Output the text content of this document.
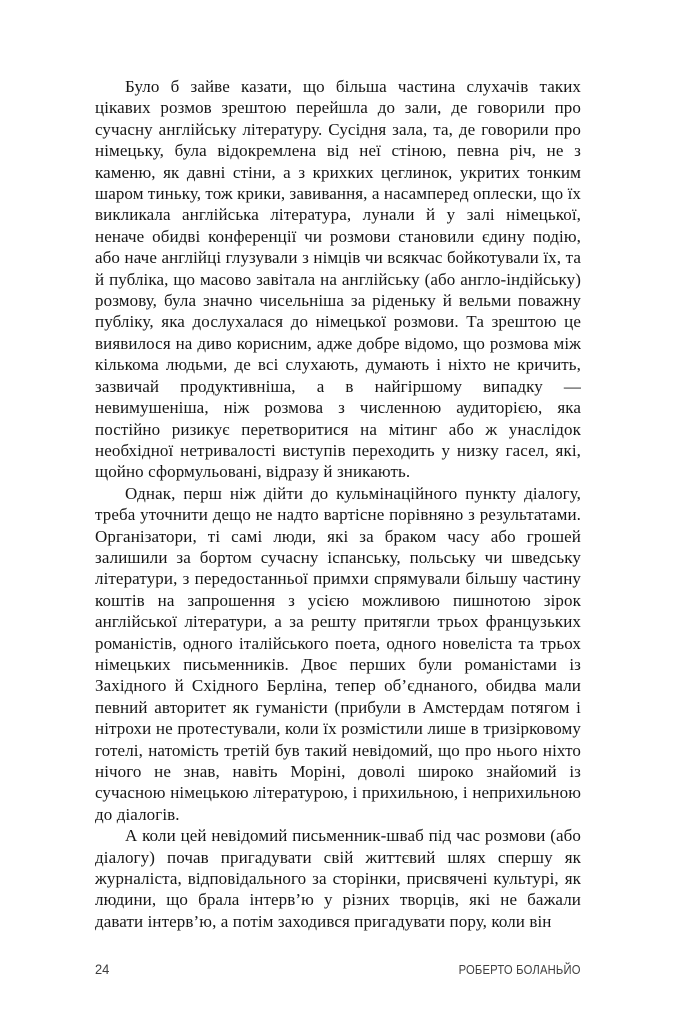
Було б зайве казати, що більша частина слухачів таких цікавих розмов зрештою перейшла до зали, де говорили про сучасну англійську літературу. Сусідня зала, та, де говорили про німецьку, була відокремлена від неї стіною, певна річ, не з каменю, як давні стіни, а з крихких цеглинок, укритих тонким шаром тиньку, тож крики, завивання, а насамперед оплески, що їх викликала англійська література, лунали й у залі німецької, неначе обидві конференції чи розмови становили єдину подію, або наче англійці глузували з німців чи всякчас бойкотували їх, та й публіка, що масово завітала на англійську (або англо-індійську) розмову, була значно чисельніша за ріденьку й вельми поважну публіку, яка дослухалася до німецької розмови. Та зрештою це виявилося на диво корисним, адже добре відомо, що розмова між кількома людьми, де всі слухають, думають і ніхто не кричить, зазвичай продуктивніша, а в найгіршому випадку — невимушеніша, ніж розмова з численною аудиторією, яка постійно ризикує перетворитися на мітинг або ж унаслідок необхідної нетривалості виступів переходить у низку гасел, які, щойно сформульовані, відразу й зникають.

Однак, перш ніж дійти до кульмінаційного пункту діалогу, треба уточнити дещо не надто вартісне порівняно з результатами. Організатори, ті самі люди, які за браком часу або грошей залишили за бортом сучасну іспанську, польську чи шведську літератури, з передостанньої примхи спрямували більшу частину коштів на запрошення з усією можливою пишнотою зірок англійської літератури, а за решту притягли трьох французьких романістів, одного італійського поета, одного новеліста та трьох німецьких письменників. Двоє перших були романістами із Західного й Східного Берліна, тепер об’єднаного, обидва мали певний авторитет як гуманісти (прибули в Амстердам потягом і нітрохи не протестували, коли їх розмістили лише в тризірковому готелі, натомість третій був такий невідомий, що про нього ніхто нічого не знав, навіть Моріні, доволі широко знайомий із сучасною німецькою літературою, і прихильною, і неприхильною до діалогів.

А коли цей невідомий письменник-шваб під час розмови (або діалогу) почав пригадувати свій життєвий шлях спершу як журналіста, відповідального за сторінки, присвячені культурі, як людини, що брала інтерв’ю у різних творців, які не бажали давати інтерв’ю, а потім заходився пригадувати пору, коли він

24	РОБЕРТО БОЛАНЬЙО
